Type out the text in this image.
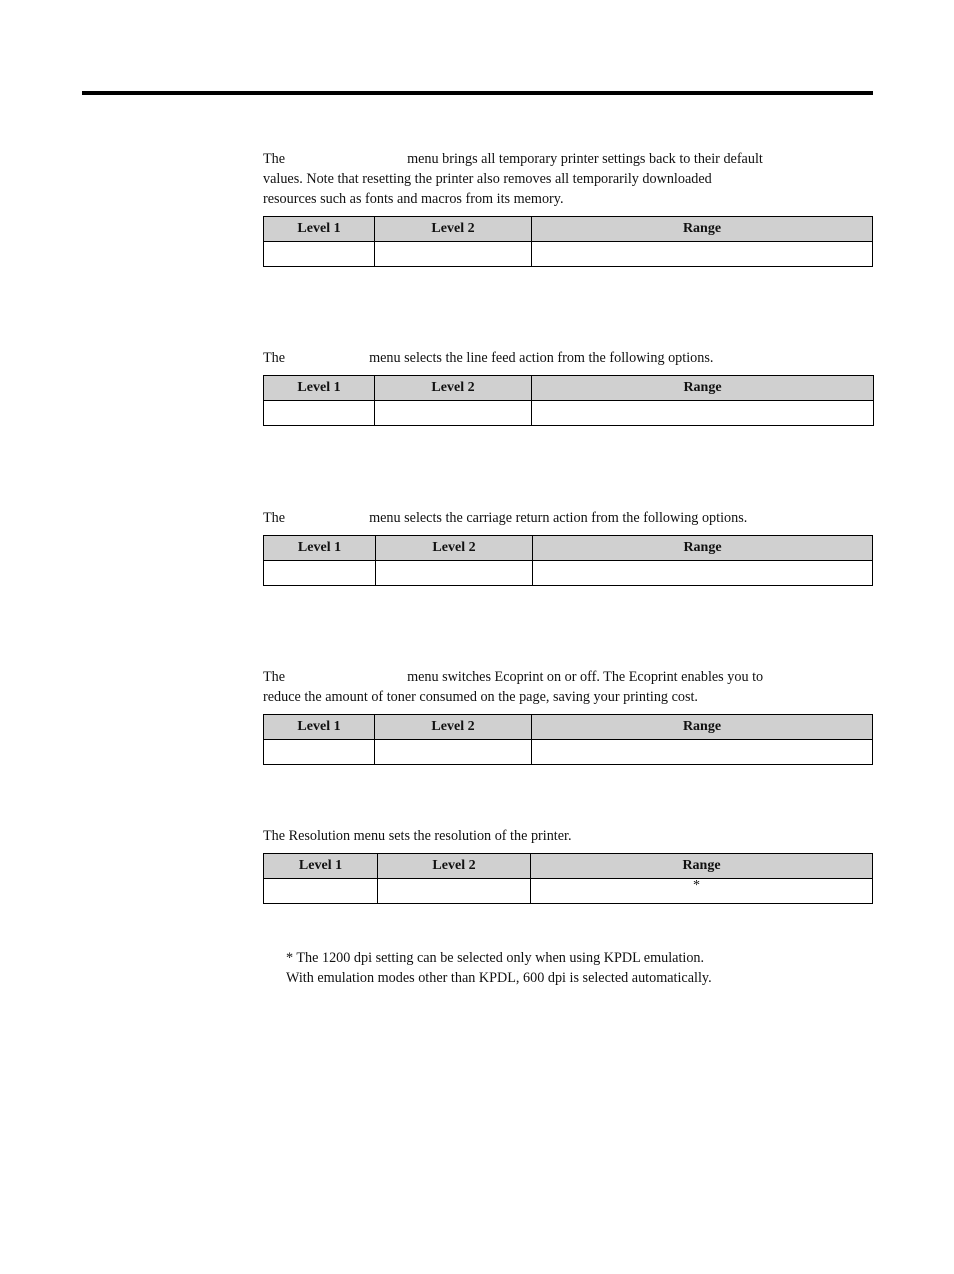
The	menu brings all temporary printer settings back to their default
values. Note that resetting the printer also removes all temporarily downloaded
resources such as fonts and macros from its memory.

Level 1	Level 2	Range

The	menu selects the line feed action from the following options.

Level 1	Level 2	Range

The	menu selects the carriage return action from the following options.

Level 1	Level 2	Range

The	menu switches Ecoprint on or off. The Ecoprint enables you to
reduce the amount of toner consumed on the page, saving your printing cost.

Level 1	Level 2	Range

The Resolution menu sets the resolution of the printer.

Level 1	Level 2	Range
		*

* The 1200 dpi setting can be selected only when using KPDL emulation.
With emulation modes other than KPDL, 600 dpi is selected automatically.
